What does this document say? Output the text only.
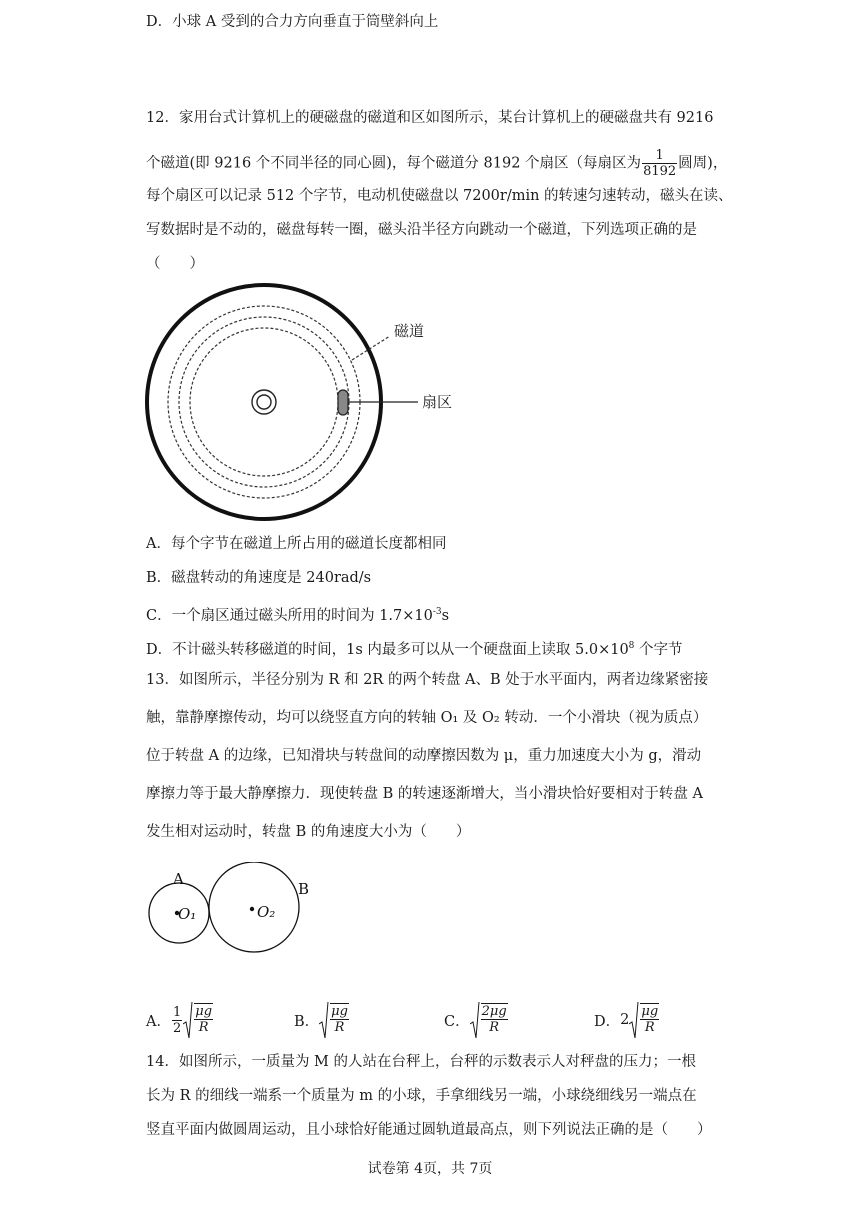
D．小球 A 受到的合力方向垂直于筒壁斜向上
12．家用台式计算机上的硬磁盘的磁道和区如图所示，某台计算机上的硬磁盘共有 9216
个磁道(即 9216 个不同半径的同心圆)，每个磁道分 8192 个扇区（每扇区为 $\frac{1}{8192}$ 圆周)，
每个扇区可以记录 512 个字节，电动机使磁盘以 7200r/min 的转速匀速转动，磁头在读、
写数据时是不动的，磁盘每转一圈，磁头沿半径方向跳动一个磁道，下列选项正确的是
（　　）
磁道
扇区
A．每个字节在磁道上所占用的磁道长度都相同
B．磁盘转动的角速度是 240rad/s
C．一个扇区通过磁头所用的时间为 $1.7\times 10^{-3}s$
D．不计磁头转移磁道的时间，1s 内最多可以从一个硬盘面上读取 $5.0\times 10^8$ 个字节
13．如图所示，半径分别为 R 和 2R 的两个转盘 A、B 处于水平面内，两者边缘紧密接
触，靠静摩擦传动，均可以绕竖直方向的转轴 O₁ 及 O₂ 转动．一个小滑块（视为质点）
位于转盘 A 的边缘，已知滑块与转盘间的动摩擦因数为 μ，重力加速度大小为 g，滑动
摩擦力等于最大静摩擦力．现使转盘 B 的转速逐渐增大，当小滑块恰好要相对于转盘 A
发生相对运动时，转盘 B 的角速度大小为（　　）
A
B
O₁	O₂
A． $\frac{1}{2} \frac{\mu g}{R}$	B． $\frac{\mu g}{R}$	C． $\frac{2\mu g}{R}$	D． $2 \frac{\mu g}{R}$
14．如图所示，一质量为 M 的人站在台秤上，台秤的示数表示人对秤盘的压力；一根
长为 R 的细线一端系一个质量为 m 的小球，手拿细线另一端，小球绕细线另一端点在
竖直平面内做圆周运动，且小球恰好能通过圆轨道最高点，则下列说法正确的是（　　）
试卷第 4页，共 7页
